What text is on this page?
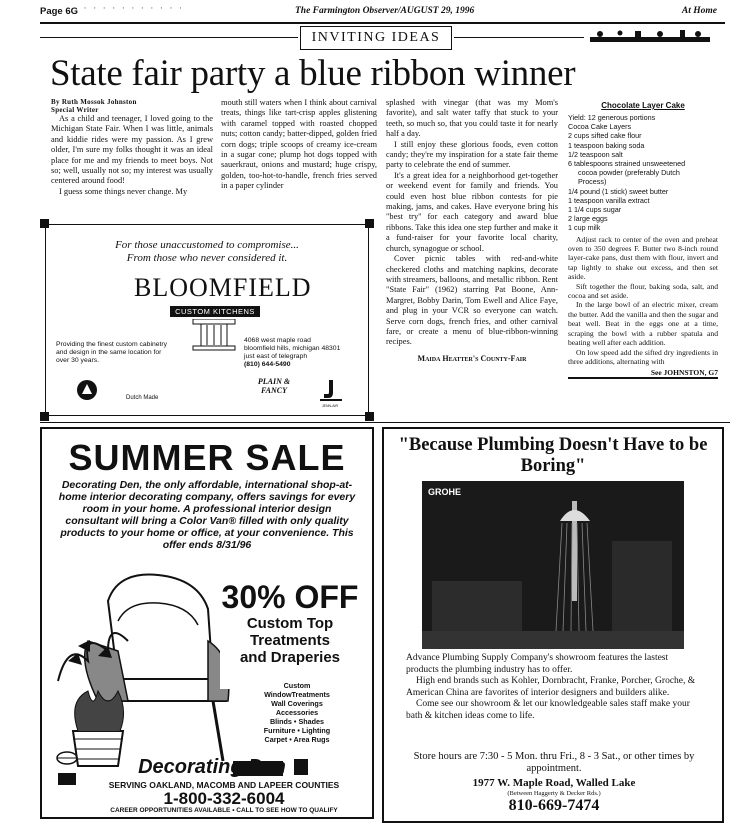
Page 6G
· · · · · · · · · · · ·	The Farmington Observer/AUGUST 29, 1996	At Home
INVITING IDEAS
State fair party a blue ribbon winner
By Ruth Mossok Johnston
Special Writer

As a child and teenager, I loved going to the Michigan State Fair. When I was little, animals and kiddie rides were my passion. As I grew older, I'm sure my folks thought it was an ideal place for me and my friends to meet boys. Not so; well, usually not so; my interest was usually centered around food!

I guess some things never change. My

mouth still waters when I think about carnival treats, things like tart-crisp apples glistening with caramel topped with roasted chopped nuts; cotton candy; batter-dipped, golden fried corn dogs; triple scoops of creamy ice-cream in a sugar cone; plump hot dogs topped with sauerkraut, onions and mustard; huge crispy, golden, too-hot-to-handle, french fries served in a paper cylinder

splashed with vinegar (that was my Mom's favorite), and salt water taffy that stuck to your teeth, so much so, that you could taste it for nearly half a day.

I still enjoy these glorious foods, even cotton candy; they're my inspiration for a state fair theme party to celebrate the end of summer.

It's a great idea for a neighborhood get-together or weekend event for family and friends. You could even host blue ribbon contests for pie making, jams, and cakes. Have everyone bring his "best try" for each category and award blue ribbons. Take this idea one step further and make it a fund-raiser for your favorite local charity, church, synagogue or school.

Cover picnic tables with red-and-white checkered cloths and matching napkins, decorate with streamers, balloons, and metallic ribbon. Rent "State Fair" (1962) starring Pat Boone, Ann-Margret, Bobby Darin, Tom Ewell and Alice Faye, and plug in your VCR so everyone can watch. Serve corn dogs, french fries, and other carnival fare, or create a menu of blue-ribbon-winning recipes.

Maida Heatter's County-Fair
Chocolate Layer Cake
Yield: 12 generous portions
Cocoa Cake Layers
2 cups sifted cake flour
1 teaspoon baking soda
1/2 teaspoon salt
6 tablespoons strained unsweetened
cocoa powder (preferably Dutch
Process)
1/4 pound (1 stick) sweet butter
1 teaspoon vanilla extract
1 1/4 cups sugar
2 large eggs
1 cup milk

Adjust rack to center of the oven and preheat oven to 350 degrees F. Butter two 8-inch round layer-cake pans, dust them with flour, invert and tap lightly to shake out excess, and then set aside.

Sift together the flour, baking soda, salt, and cocoa and set aside.

In the large bowl of an electric mixer, cream the butter. Add the vanilla and then the sugar and beat well. Beat in the eggs one at a time, scraping the bowl with a rubber spatula and beating well after each addition.

On low speed add the sifted dry ingredients in three additions, alternating with

See JOHNSTON, G7
For those unaccustomed to compromise...
From those who never considered it.
BLOOMFIELD
CUSTOM KITCHENS
Providing the finest custom cabinetry and design in the same location for over 30 years.
4068 west maple road
bloomfield hills, michigan 48301
just east of telegraph
(810) 644-5490
Dutch Made
PLAIN & FANCY
JENN-AIR
SUMMER SALE
Decorating Den, the only affordable, international shop-at-home interior decorating company, offers savings for every room in your home. A professional interior design consultant will bring a Color Van® filled with only quality products to your home or office, at your convenience. This offer ends 8/31/96
30% OFF
Custom Top
Treatments
and Draperies
Custom
WindowTreatments
Wall Coverings
Accessories
Blinds • Shades
Furniture • Lighting
Carpet • Area Rugs
Decorating Den
SERVING OAKLAND, MACOMB AND LAPEER COUNTIES
1-800-332-6004
CAREER OPPORTUNITIES AVAILABLE • CALL TO SEE HOW TO QUALIFY
"Because Plumbing Doesn't Have to be Boring"
GROHE
Advance Plumbing Supply Company's showroom features the lastest products the plumbing industry has to offer.
High end brands such as Kohler, Dornbracht, Franke, Porcher, Groche, & American China are favorites of interior designers and builders alike.
Come see our showroom & let our knowledgeable sales staff make your bath & kitchen ideas come to life.
Store hours are 7:30 - 5 Mon. thru Fri., 8 - 3 Sat., or other times by appointment.
1977 W. Maple Road, Walled Lake
(Between Haggerty & Decker Rds.)
810-669-7474
